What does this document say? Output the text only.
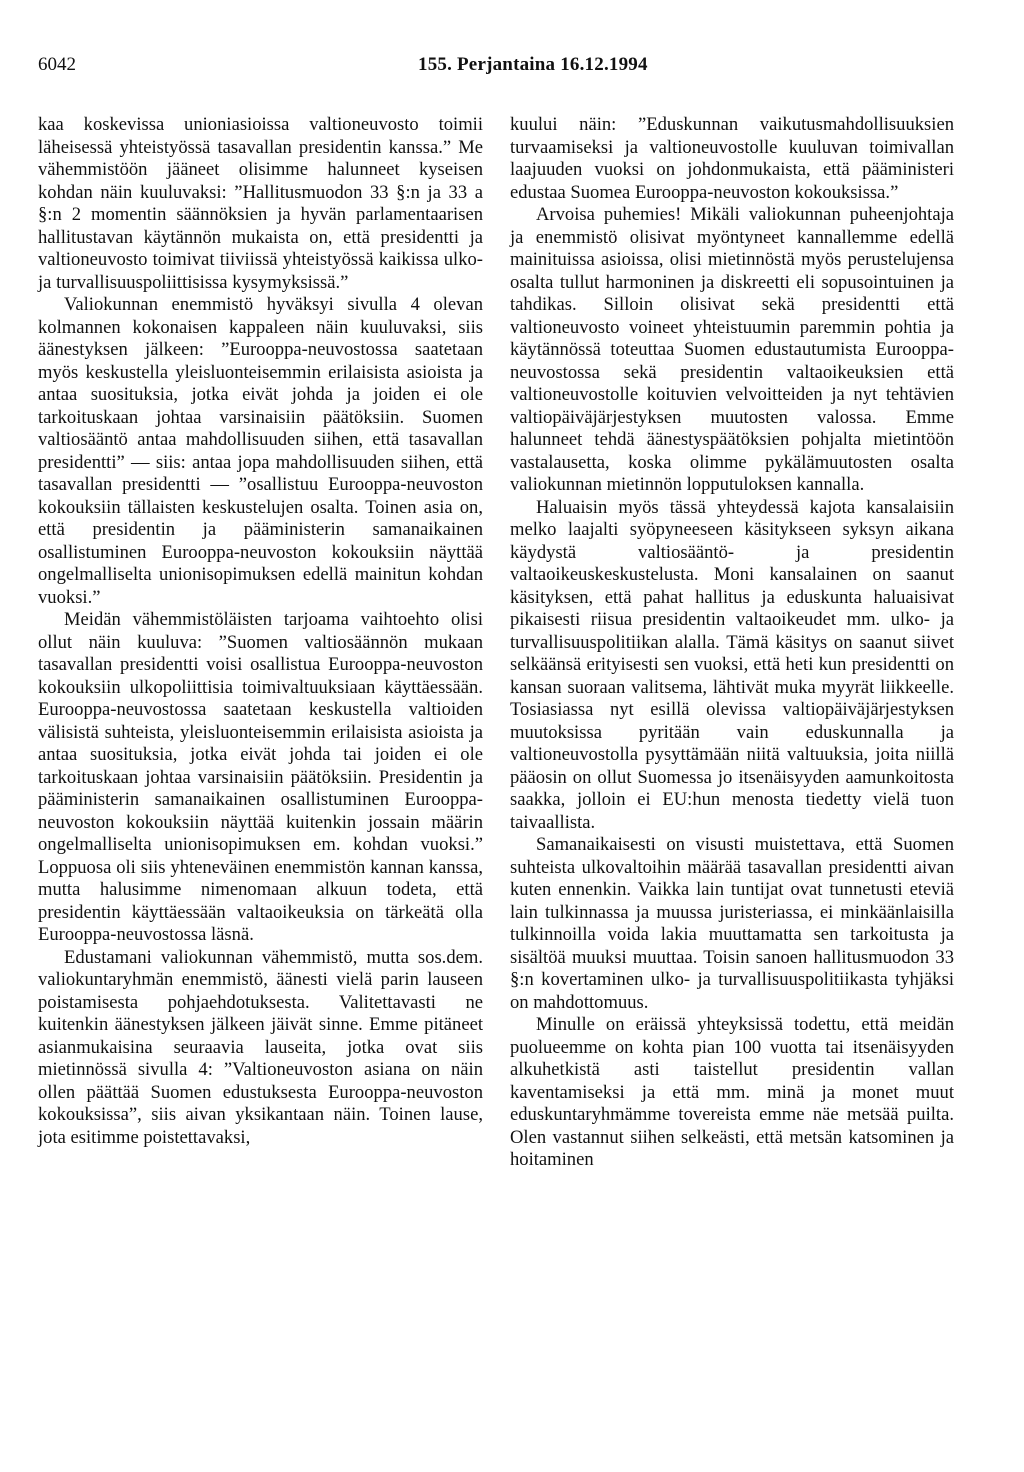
6042	155. Perjantaina 16.12.1994

kaa koskevissa unioniasioissa valtioneuvosto toimii läheisessä yhteistyössä tasavallan presidentin kanssa.” Me vähemmistöön jääneet olisimme halunneet kyseisen kohdan näin kuuluvaksi: ”Hallitusmuodon 33 §:n ja 33 a §:n 2 momentin säännöksien ja hyvän parlamentaarisen hallitustavan käytännön mukaista on, että presidentti ja valtioneuvosto toimivat tiiviissä yhteistyössä kaikissa ulko- ja turvallisuuspoliittisissa kysymyksissä.”

Valiokunnan enemmistö hyväksyi sivulla 4 olevan kolmannen kokonaisen kappaleen näin kuuluvaksi, siis äänestyksen jälkeen: ”Eurooppa-neuvostossa saatetaan myös keskustella yleisluonteisemmin erilaisista asioista ja antaa suosituksia, jotka eivät johda ja joiden ei ole tarkoituskaan johtaa varsinaisiin päätöksiin. Suomen valtiosääntö antaa mahdollisuuden siihen, että tasavallan presidentti” — siis: antaa jopa mahdollisuuden siihen, että tasavallan presidentti — ”osallistuu Eurooppa-neuvoston kokouksiin tällaisten keskustelujen osalta. Toinen asia on, että presidentin ja pääministerin samanaikainen osallistuminen Eurooppa-neuvoston kokouksiin näyttää ongelmalliselta unionisopimuksen edellä mainitun kohdan vuoksi.”

Meidän vähemmistöläisten tarjoama vaihtoehto olisi ollut näin kuuluva: ”Suomen valtiosäännön mukaan tasavallan presidentti voisi osallistua Eurooppa-neuvoston kokouksiin ulkopoliittisia toimivaltuuksiaan käyttäessään. Eurooppa-neuvostossa saatetaan keskustella valtioiden välisistä suhteista, yleisluonteisemmin erilaisista asioista ja antaa suosituksia, jotka eivät johda tai joiden ei ole tarkoituskaan johtaa varsinaisiin päätöksiin. Presidentin ja pääministerin samanaikainen osallistuminen Eurooppa-neuvoston kokouksiin näyttää kuitenkin jossain määrin ongelmalliselta unionisopimuksen em. kohdan vuoksi.” Loppuosa oli siis yhteneväinen enemmistön kannan kanssa, mutta halusimme nimenomaan alkuun todeta, että presidentin käyttäessään valtaoikeuksia on tärkeätä olla Eurooppa-neuvostossa läsnä.

Edustamani valiokunnan vähemmistö, mutta sos.dem. valiokuntaryhmän enemmistö, äänesti vielä parin lauseen poistamisesta pohjaehdotuksesta. Valitettavasti ne kuitenkin äänestyksen jälkeen jäivät sinne. Emme pitäneet asianmukaisina seuraavia lauseita, jotka ovat siis mietinnössä sivulla 4: ”Valtioneuvoston asiana on näin ollen päättää Suomen edustuksesta Eurooppa-neuvoston kokouksissa”, siis aivan yksikantaan näin. Toinen lause, jota esitimme poistettavaksi,

kuului näin: ”Eduskunnan vaikutusmahdollisuuksien turvaamiseksi ja valtioneuvostolle kuuluvan toimivallan laajuuden vuoksi on johdonmukaista, että pääministeri edustaa Suomea Eurooppa-neuvoston kokouksissa.”

Arvoisa puhemies! Mikäli valiokunnan puheenjohtaja ja enemmistö olisivat myöntyneet kannallemme edellä mainituissa asioissa, olisi mietinnöstä myös perustelujensa osalta tullut harmoninen ja diskreetti eli sopusointuinen ja tahdikas. Silloin olisivat sekä presidentti että valtioneuvosto voineet yhteistuumin paremmin pohtia ja käytännössä toteuttaa Suomen edustautumista Eurooppa-neuvostossa sekä presidentin valtaoikeuksien että valtioneuvostolle koituvien velvoitteiden ja nyt tehtävien valtiopäiväjärjestyksen muutosten valossa. Emme halunneet tehdä äänestyspäätöksien pohjalta mietintöön vastalausetta, koska olimme pykälämuutosten osalta valiokunnan mietinnön lopputuloksen kannalla.

Haluaisin myös tässä yhteydessä kajota kansalaisiin melko laajalti syöpyneeseen käsitykseen syksyn aikana käydystä valtiosääntö- ja presidentin valtaoikeuskeskustelusta. Moni kansalainen on saanut käsityksen, että pahat hallitus ja eduskunta haluaisivat pikaisesti riisua presidentin valtaoikeudet mm. ulko- ja turvallisuuspolitiikan alalla. Tämä käsitys on saanut siivet selkäänsä erityisesti sen vuoksi, että heti kun presidentti on kansan suoraan valitsema, lähtivät muka myyrät liikkeelle. Tosiasiassa nyt esillä olevissa valtiopäiväjärjestyksen muutoksissa pyritään vain eduskunnalla ja valtioneuvostolla pysyttämään niitä valtuuksia, joita niillä pääosin on ollut Suomessa jo itsenäisyyden aamunkoitosta saakka, jolloin ei EU:hun menosta tiedetty vielä tuon taivaallista.

Samanaikaisesti on visusti muistettava, että Suomen suhteista ulkovaltoihin määrää tasavallan presidentti aivan kuten ennenkin. Vaikka lain tuntijat ovat tunnetusti eteviä lain tulkinnassa ja muussa juristeriassa, ei minkäänlaisilla tulkinnoilla voida lakia muuttamatta sen tarkoitusta ja sisältöä muuksi muuttaa. Toisin sanoen hallitusmuodon 33 §:n kovertaminen ulko- ja turvallisuuspolitiikasta tyhjäksi on mahdottomuus.

Minulle on eräissä yhteyksissä todettu, että meidän puolueemme on kohta pian 100 vuotta tai itsenäisyyden alkuhetkistä asti taistellut presidentin vallan kaventamiseksi ja että mm. minä ja monet muut eduskuntaryhmämme tovereista emme näe metsää puilta. Olen vastannut siihen selkeästi, että metsän katsominen ja hoitaminen
